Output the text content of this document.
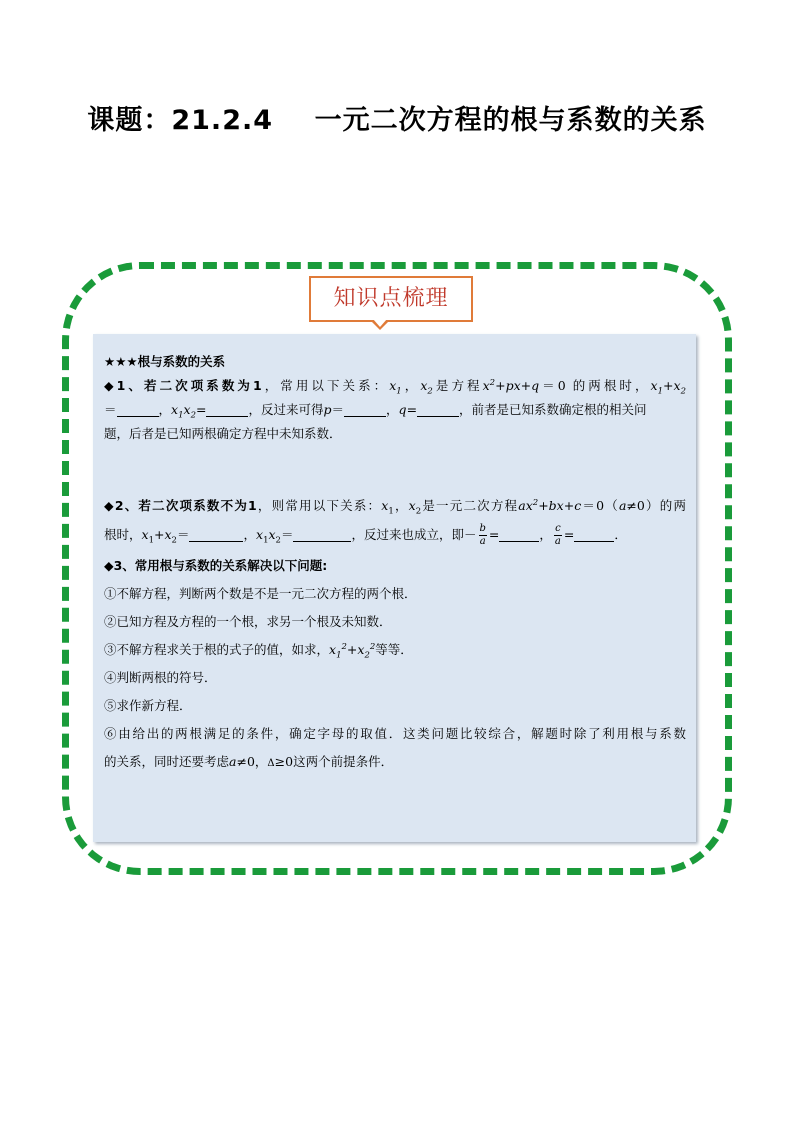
课题：21.2.4    一元二次方程的根与系数的关系
知识点梳理
★★★根与系数的关系
◆1、若二次项系数为1，常用以下关系：$x_1$，$x_2$是方程$x^2+px+q=0$ 的两根时，$x_1+x_2$
＝	，$x_1x_2=$	，反过来可得p＝	，q=	，前者是已知系数确定根的相关问
题，后者是已知两根确定方程中未知系数．
◆2、若二次项系数不为1，则常用以下关系：$x_1$，$x_2$是一元二次方程$ax^2+bx+c=0(a\ne 0)$的两
根时，$x_1+x_2=$	，$x_1x_2=$	，反过来也成立，即－ $\frac{b}{a}$ =	， $\frac{c}{a}$ =	．
◆3、常用根与系数的关系解决以下问题:
①不解方程，判断两个数是不是一元二次方程的两个根．
②已知方程及方程的一个根，求另一个根及未知数．
③不解方程求关于根的式子的值，如求，$x_1^2+x_2^2$等等．
④判断两根的符号．
⑤求作新方程．
⑥由给出的两根满足的条件，确定字母的取值．这类问题比较综合，解题时除了利用根与系数
的关系，同时还要考虑a≠0，Δ≥0这两个前提条件．
